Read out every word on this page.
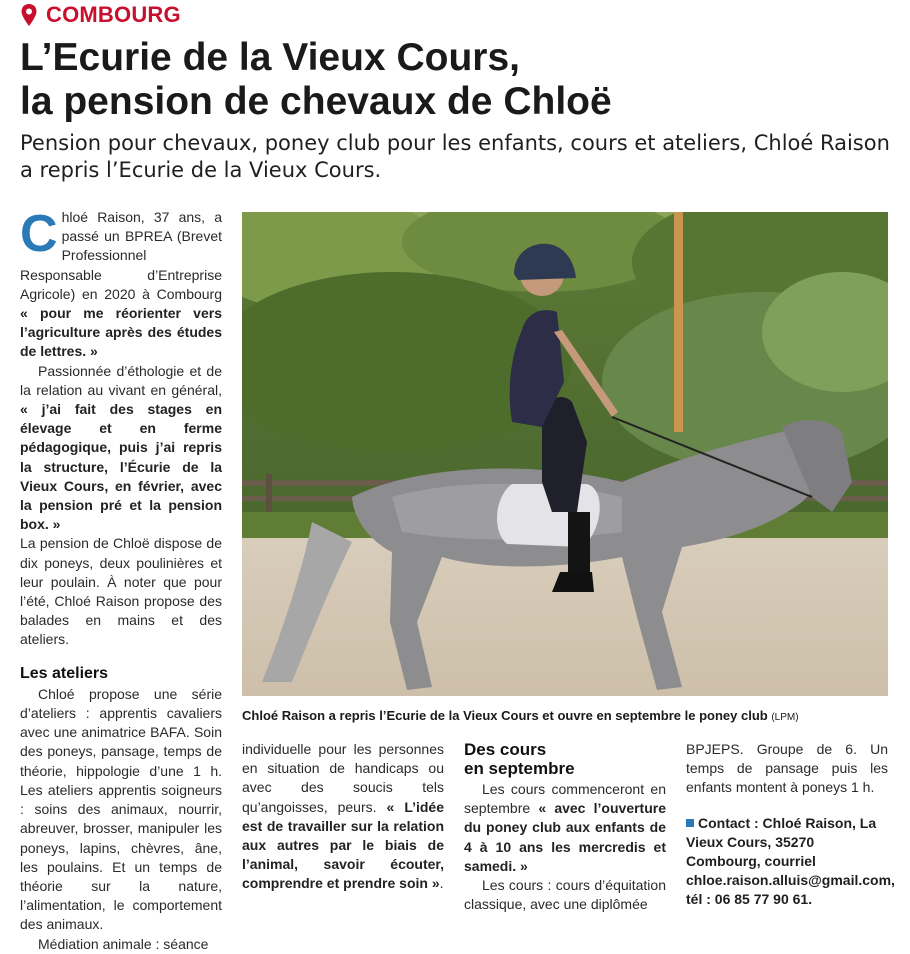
COMBOURG
L’Ecurie de la Vieux Cours,
la pension de chevaux de Chloë
Pension pour chevaux, poney club pour les enfants, cours et ateliers, Chloé Raison
a repris l’Ecurie de la Vieux Cours.

Chloé Raison, 37 ans, a passé un BPREA (Brevet Professionnel Responsable d’Entreprise Agricole) en 2020 à Combourg « pour me réorienter vers l’agriculture après des études de lettres. »

Passionnée d’éthologie et de la relation au vivant en général, « j’ai fait des stages en élevage et en ferme pédagogique, puis j’ai repris la structure, l’Écurie de la Vieux Cours, en février, avec la pension pré et la pension box. »

La pension de Chloë dispose de dix poneys, deux poulinières et leur poulain. À noter que pour l’été, Chloé Raison propose des balades en mains et des ateliers.

Les ateliers

Chloé propose une série d’ateliers : apprentis cavaliers avec une animatrice BAFA. Soin des poneys, pansage, temps de théorie, hippologie d’une 1 h. Les ateliers apprentis soigneurs : soins des animaux, nourrir, abreuver, brosser, manipuler les poneys, lapins, chèvres, âne, les poulains. Et un temps de théorie sur la nature, l’alimentation, le comportement des animaux.

Médiation animale : séance

Chloé Raison a repris l’Ecurie de la Vieux Cours et ouvre en septembre le poney club (LPM)

individuelle pour les personnes en situation de handicaps ou avec des soucis tels qu’angoisses, peurs. « L’idée est de travailler sur la relation aux autres par le biais de l’animal, savoir écouter, comprendre et prendre soin ».

Des cours
en septembre

Les cours commenceront en septembre « avec l’ouverture du poney club aux enfants de 4 à 10 ans les mercredis et samedi. »

Les cours : cours d’équitation classique, avec une diplômée

BPJEPS. Groupe de 6. Un temps de pansage puis les enfants montent à poneys 1 h.

Contact : Chloé Raison, La Vieux Cours, 35270 Combourg, courriel chloe.raison.alluis@gmail.com, tél : 06 85 77 90 61.
